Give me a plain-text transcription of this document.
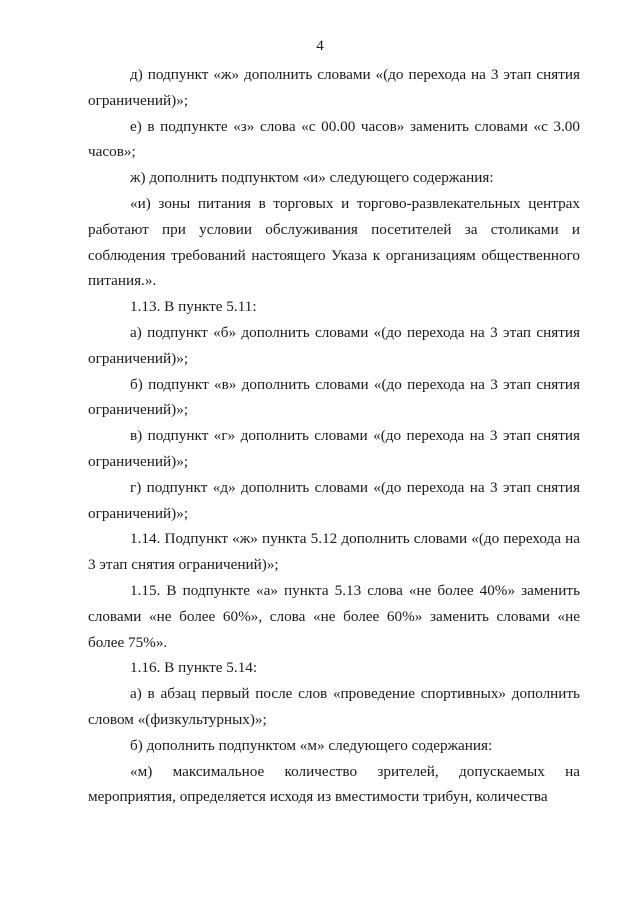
4

д) подпункт «ж» дополнить словами «(до перехода на 3 этап снятия ограничений)»;

е) в подпункте «з» слова «с 00.00 часов» заменить словами «с 3.00 часов»;

ж) дополнить подпунктом «и» следующего содержания:

«и) зоны питания в торговых и торгово-развлекательных центрах работают при условии обслуживания посетителей за столиками и соблюдения требований настоящего Указа к организациям общественного питания.».

1.13. В пункте 5.11:

а) подпункт «б» дополнить словами «(до перехода на 3 этап снятия ограничений)»;

б) подпункт «в» дополнить словами «(до перехода на 3 этап снятия ограничений)»;

в) подпункт «г» дополнить словами «(до перехода на 3 этап снятия ограничений)»;

г) подпункт «д» дополнить словами «(до перехода на 3 этап снятия ограничений)»;

1.14. Подпункт «ж» пункта 5.12 дополнить словами «(до перехода на 3 этап снятия ограничений)»;

1.15. В подпункте «а» пункта 5.13 слова «не более 40%» заменить словами «не более 60%», слова «не более 60%» заменить словами «не более 75%».

1.16. В пункте 5.14:

а) в абзац первый после слов «проведение спортивных» дополнить словом «(физкультурных)»;

б) дополнить подпунктом «м» следующего содержания:

«м) максимальное количество зрителей, допускаемых на мероприятия, определяется исходя из вместимости трибун, количества
